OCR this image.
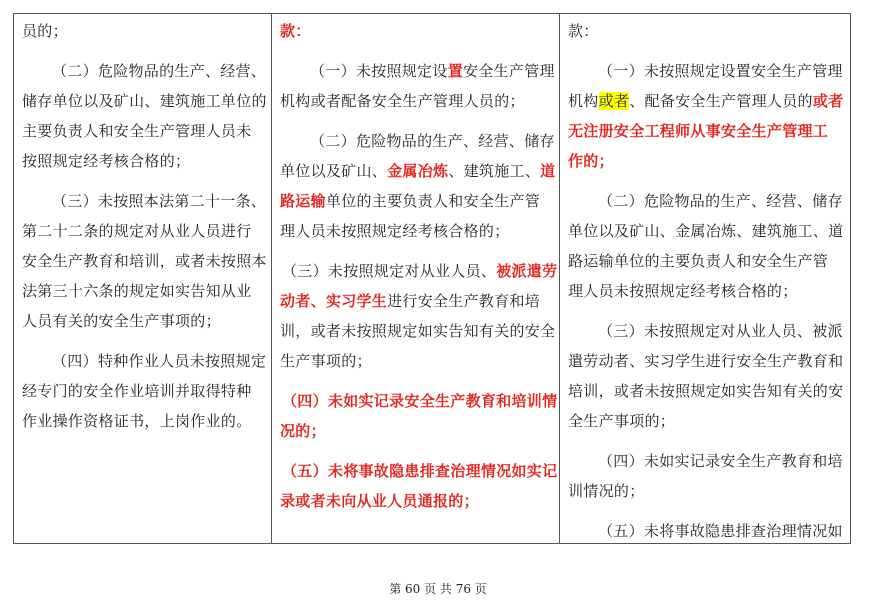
员的；
（二）危险物品的生产、经营、
储存单位以及矿山、建筑施工单位的
主要负责人和安全生产管理人员未
按照规定经考核合格的；
（三）未按照本法第二十一条、
第二十二条的规定对从业人员进行
安全生产教育和培训，或者未按照本
法第三十六条的规定如实告知从业
人员有关的安全生产事项的；
（四）特种作业人员未按照规定
经专门的安全作业培训并取得特种
作业操作资格证书，上岗作业的。
款：
（一）未按照规定设置安全生产管理
机构或者配备安全生产管理人员的；
（二）危险物品的生产、经营、储存
单位以及矿山、金属冶炼、建筑施工、道
路运输单位的主要负责人和安全生产管
理人员未按照规定经考核合格的；
（三）未按照规定对从业人员、被派遣劳
动者、实习学生进行安全生产教育和培
训，或者未按照规定如实告知有关的安全
生产事项的；
（四）未如实记录安全生产教育和培训情
况的；
（五）未将事故隐患排查治理情况如实记
录或者未向从业人员通报的；
款：
（一）未按照规定设置安全生产管理
机构或者、配备安全生产管理人员的或者
无注册安全工程师从事安全生产管理工
作的；
（二）危险物品的生产、经营、储存
单位以及矿山、金属冶炼、建筑施工、道
路运输单位的主要负责人和安全生产管
理人员未按照规定经考核合格的；
（三）未按照规定对从业人员、被派
遣劳动者、实习学生进行安全生产教育和
培训，或者未按照规定如实告知有关的安
全生产事项的；
（四）未如实记录安全生产教育和培
训情况的；
（五）未将事故隐患排查治理情况如
第 60 页 共 76 页
